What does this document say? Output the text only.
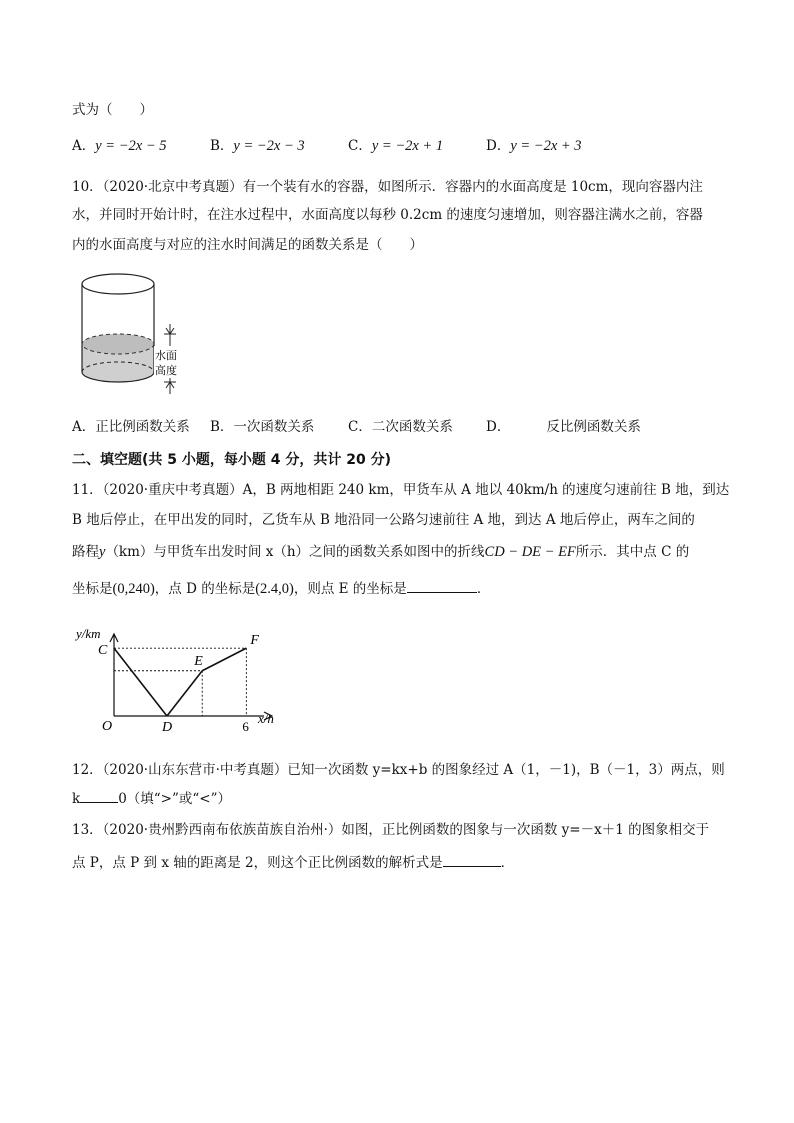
式为（　　）
A．y = −2x − 5	B．y = −2x − 3	C．y = −2x + 1	D．y = −2x + 3
10．（2020·北京中考真题）有一个装有水的容器，如图所示．容器内的水面高度是 10cm，现向容器内注
水，并同时开始计时，在注水过程中，水面高度以每秒 0.2cm 的速度匀速增加，则容器注满水之前，容器
内的水面高度与对应的注水时间满足的函数关系是（　　）
水面
高度
A．正比例函数关系 B．一次函数关系 C．二次函数关系 D．	反比例函数关系
二、填空题(共 5 小题，每小题 4 分，共计 20 分)
11．（2020·重庆中考真题）A，B 两地相距 240 km，甲货车从 A 地以 40km/h 的速度匀速前往 B 地，到达
B 地后停止，在甲出发的同时，乙货车从 B 地沿同一公路匀速前往 A 地，到达 A 地后停止，两车之间的
路程y（km）与甲货车出发时间 x（h）之间的函数关系如图中的折线CD − DE − EF所示．其中点 C 的
坐标是(0,240)，点 D 的坐标是(2.4,0)，则点 E 的坐标是	．
C
D
E
F
6
y/km
x/h
O
12．（2020·山东东营市·中考真题）已知一次函数 y=kx+b 的图象经过 A（1，－1)，B（－1，3）两点，则
k	0（填“>”或“<”）
13．（2020·贵州黔西南布依族苗族自治州·）如图，正比例函数的图象与一次函数 y=－x＋1 的图象相交于
点 P，点 P 到 x 轴的距离是 2，则这个正比例函数的解析式是	．
